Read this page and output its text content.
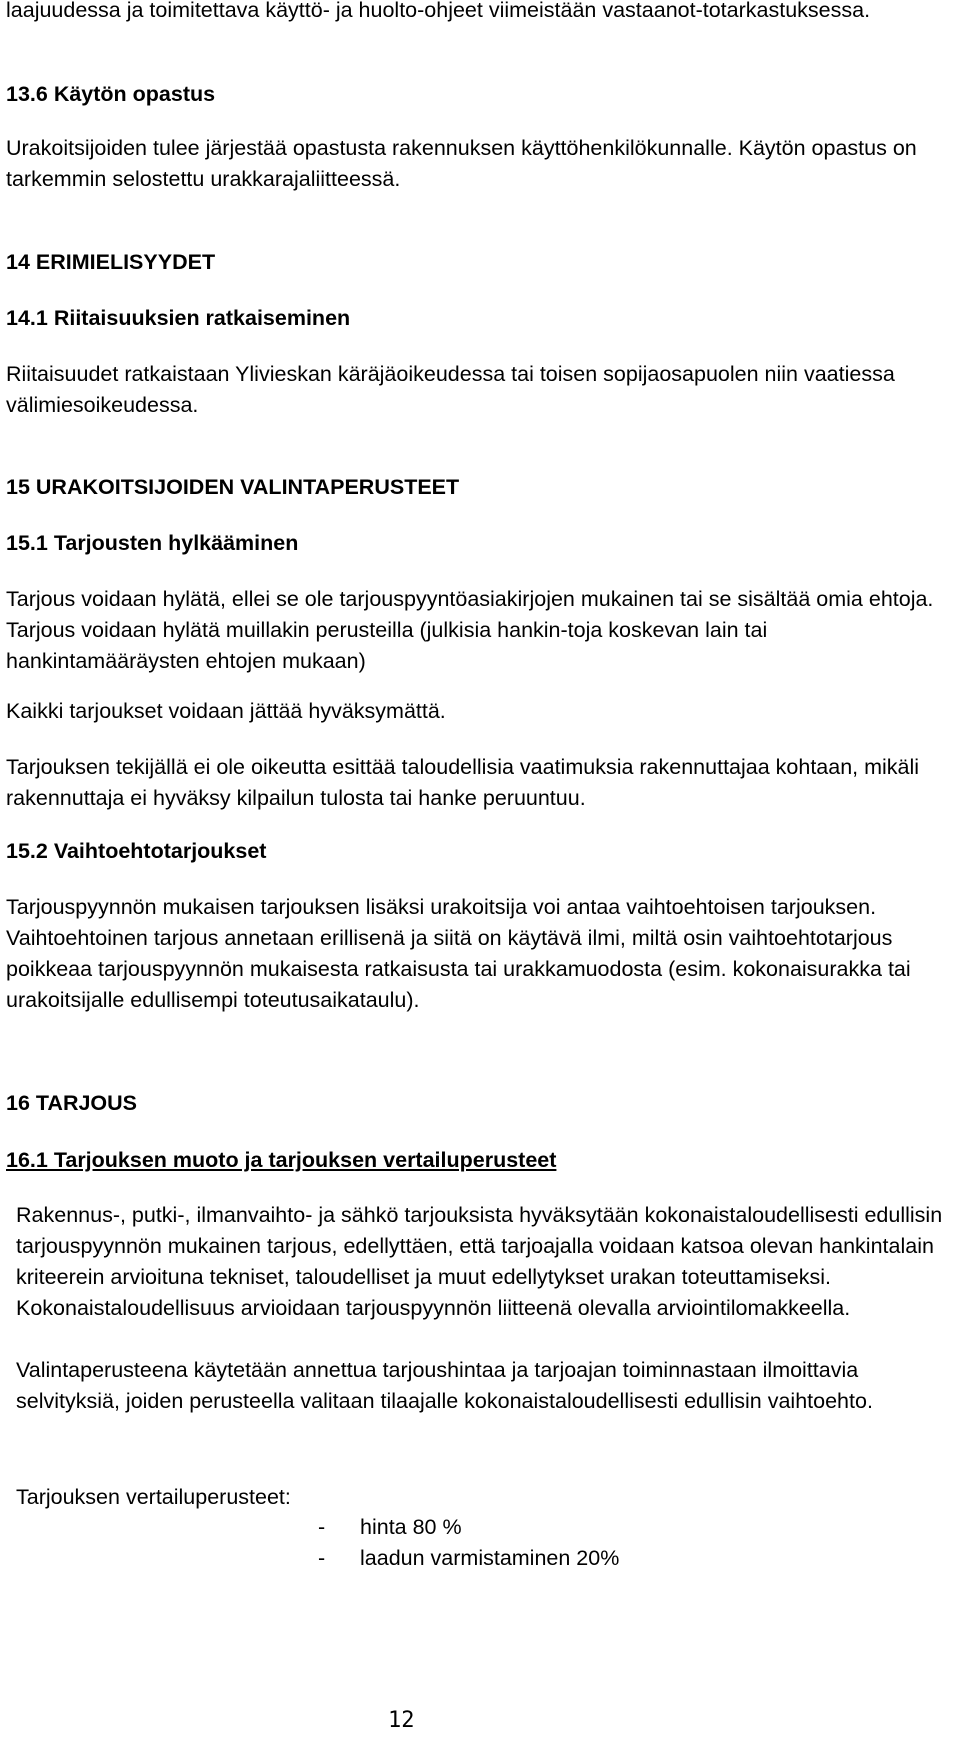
laajuudessa ja toimitettava käyttö- ja huolto-ohjeet viimeistään vastaanot-totarkastuksessa.
13.6 Käytön opastus
Urakoitsijoiden tulee järjestää opastusta rakennuksen käyttöhenkilökunnalle. Käytön opastus on tarkemmin selostettu urakkarajaliitteessä.
14 ERIMIELISYYDET
14.1 Riitaisuuksien ratkaiseminen
Riitaisuudet ratkaistaan Ylivieskan käräjäoikeudessa tai toisen sopijaosapuolen niin vaatiessa välimiesoikeudessa.
15 URAKOITSIJOIDEN VALINTAPERUSTEET
15.1 Tarjousten hylkääminen
Tarjous voidaan hylätä, ellei se ole tarjouspyyntöasiakirjojen mukainen tai se sisältää omia ehtoja. Tarjous voidaan hylätä muillakin perusteilla (julkisia hankin-toja koskevan lain tai hankintamääräysten ehtojen mukaan)
Kaikki tarjoukset voidaan jättää hyväksymättä.
Tarjouksen tekijällä ei ole oikeutta esittää taloudellisia vaatimuksia rakennuttajaa kohtaan, mikäli rakennuttaja ei hyväksy kilpailun tulosta tai hanke peruuntuu.
15.2 Vaihtoehtotarjoukset
Tarjouspyynnön mukaisen tarjouksen lisäksi urakoitsija voi antaa vaihtoehtoisen tarjouksen. Vaihtoehtoinen tarjous annetaan erillisenä ja siitä on käytävä ilmi, miltä osin vaihtoehtotarjous poikkeaa tarjouspyynnön mukaisesta ratkaisusta tai urakkamuodosta (esim. kokonaisurakka tai urakoitsijalle edullisempi toteutusaikataulu).
16 TARJOUS
16.1 Tarjouksen muoto ja tarjouksen vertailuperusteet
Rakennus-, putki-, ilmanvaihto- ja sähkö tarjouksista hyväksytään kokonaistaloudellisesti edullisin tarjouspyynnön mukainen tarjous, edellyttäen, että tarjoajalla voidaan katsoa olevan hankintalain kriteerein arvioituna tekniset, taloudelliset ja muut edellytykset urakan toteuttamiseksi. Kokonaistaloudellisuus arvioidaan tarjouspyynnön liitteenä olevalla arviointilomakkeella.
Valintaperusteena käytetään annettua tarjoushintaa ja tarjoajan toiminnastaan ilmoittavia selvityksiä, joiden perusteella valitaan tilaajalle kokonaistaloudellisesti edullisin vaihtoehto.
Tarjouksen vertailuperusteet:
- hinta 80 %
- laadun varmistaminen 20%
12
